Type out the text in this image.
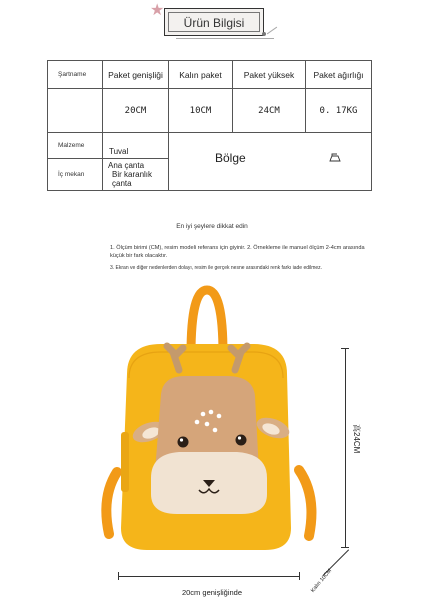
★
Ürün Bilgisi
Şartname	Paket genişliği	Kalın paket	Paket yüksek	Paket ağırlığı
	20CM	10CM	24CM	0. 17KG
Malzeme	Tuval	Bölge		

İç mekan	Ana çanta
Bir karanlık çanta			
En iyi şeylere dikkat edin
1. Ölçüm birimi (CM), resim modeli referans için giyinir. 2. Örnekleme ile manuel ölçüm 2-4cm arasında küçük bir fark olacaktır.
3. Ekran ve diğer nedenlerden dolayı, resim ile gerçek nesne arasındaki renk farkı iade edilmez.
20cm genişliğinde
高24CM
Kalın 10CM
